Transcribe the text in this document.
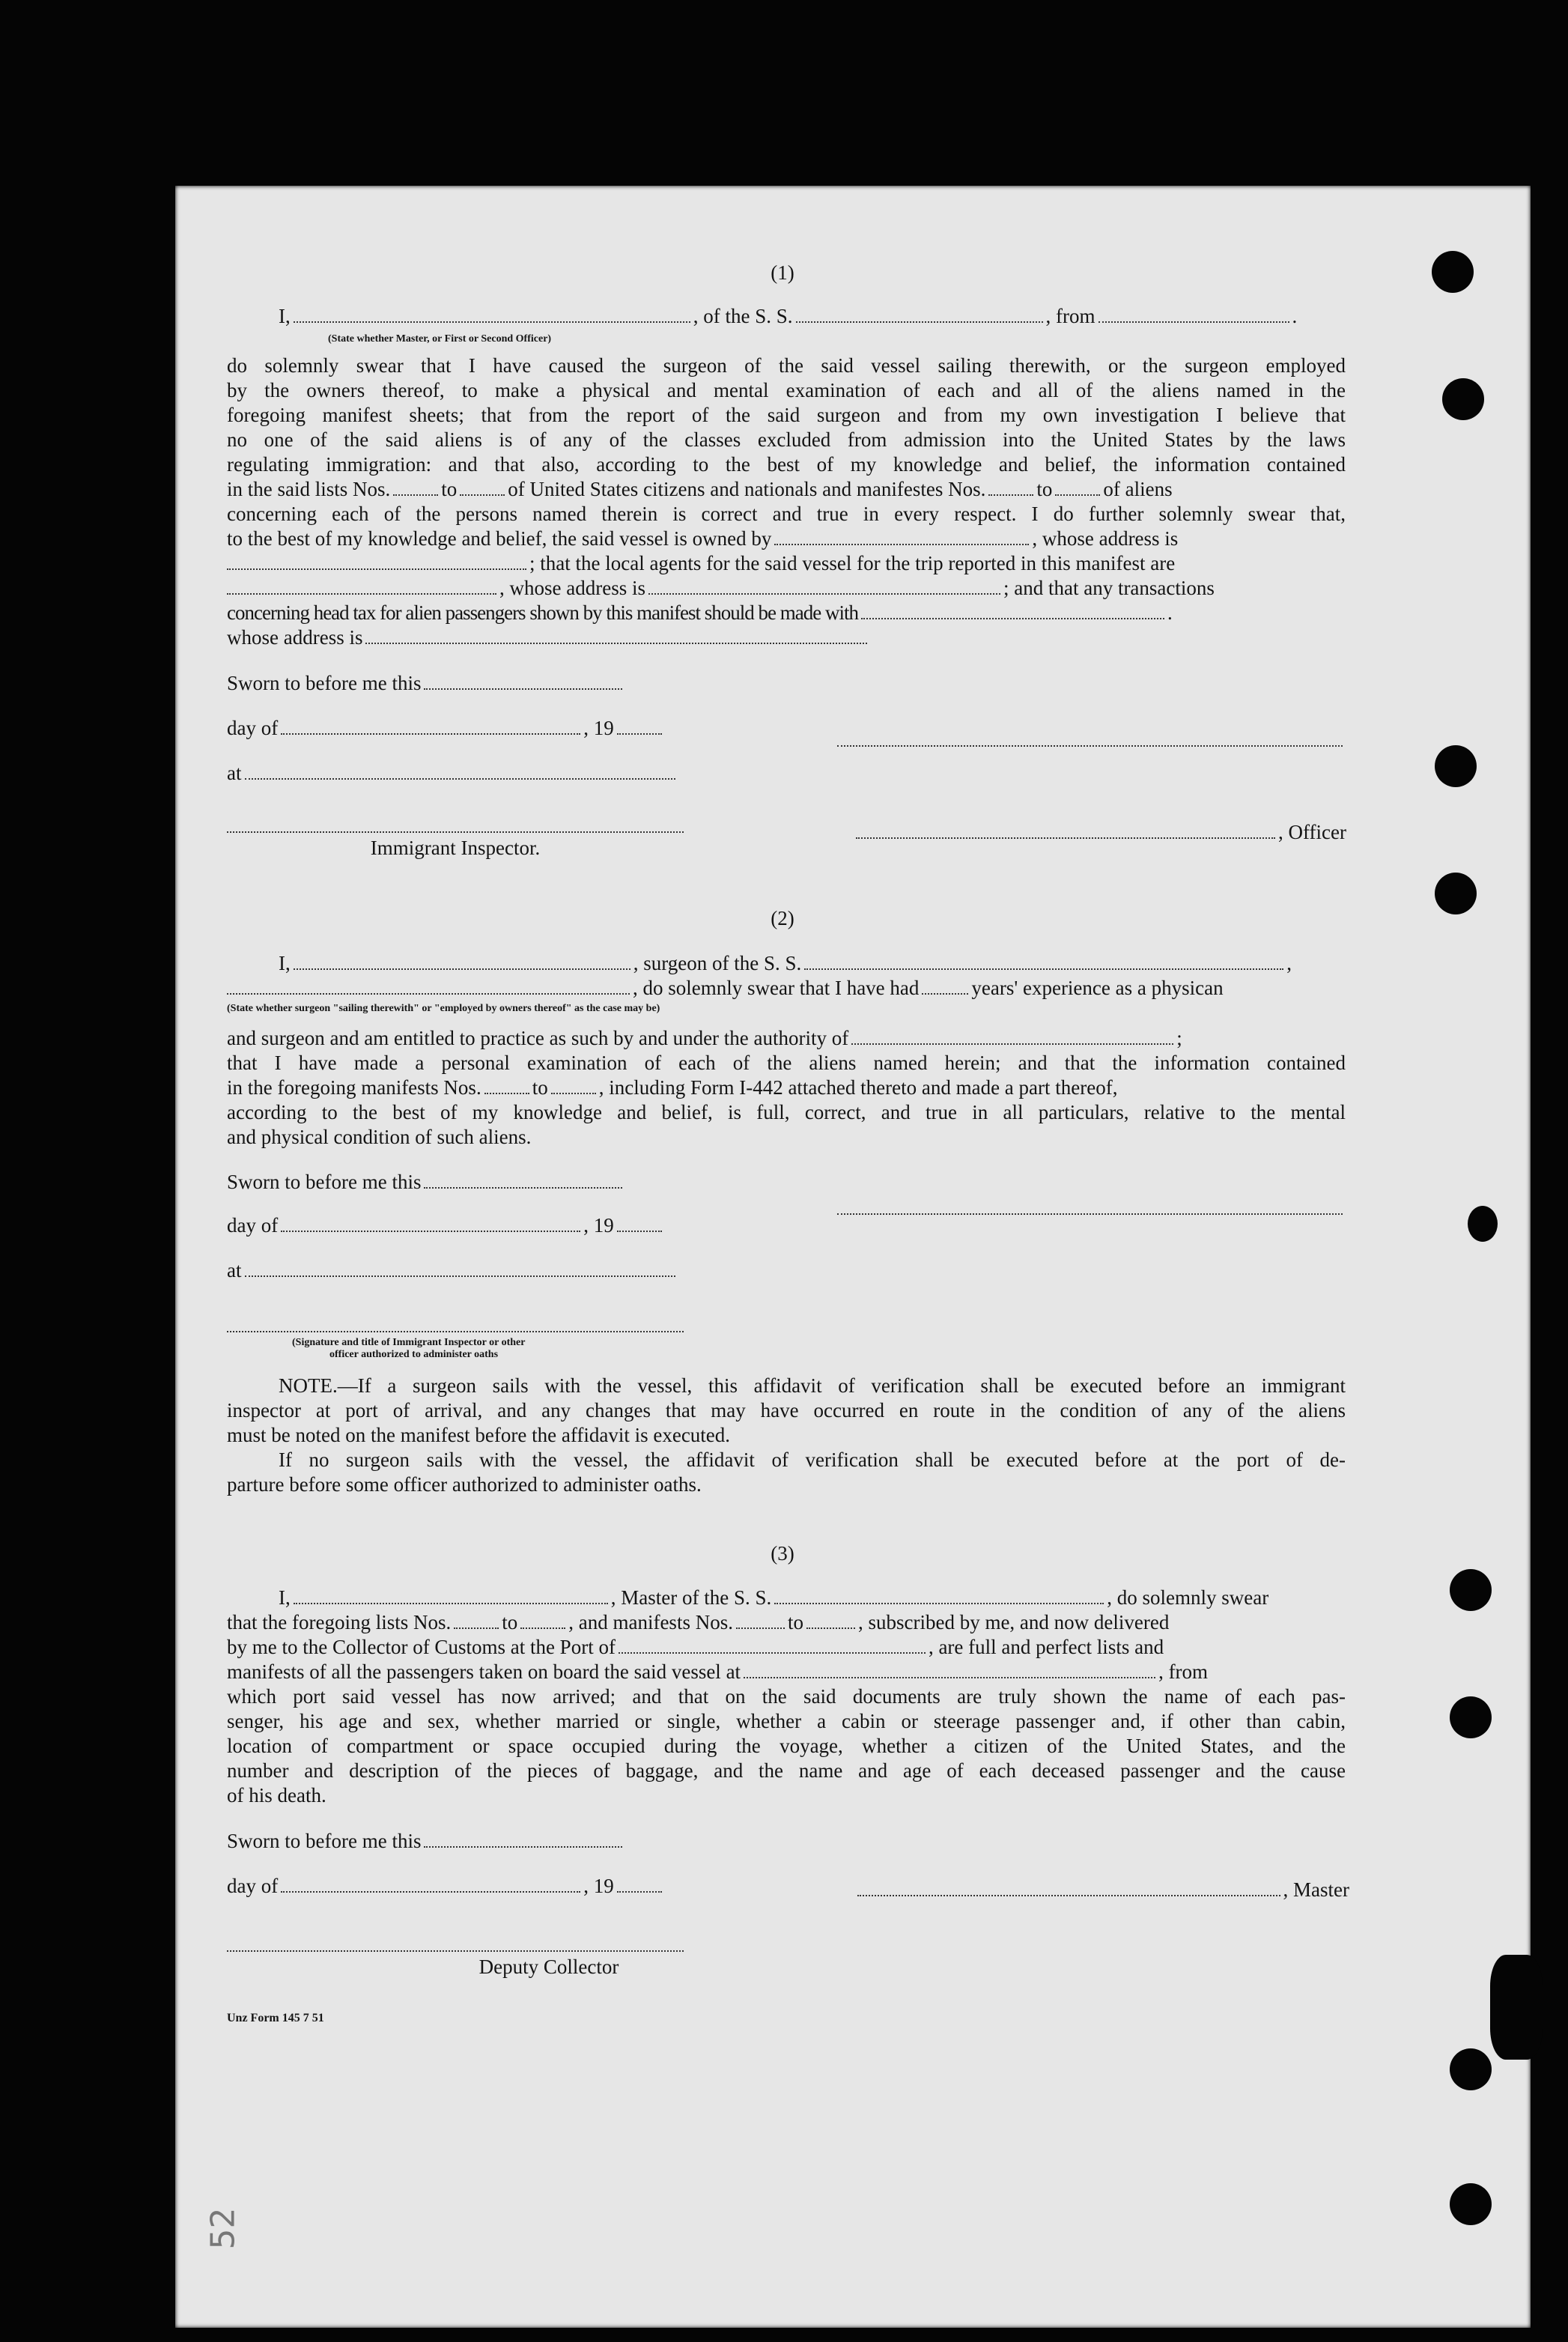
(1)
I,	, of the S. S.	, from	.
(State whether Master, or First or Second Officer)
do solemnly swear that I have caused the surgeon of the said vessel sailing therewith, or the surgeon employed
by the owners thereof, to make a physical and mental examination of each and all of the aliens named in the
foregoing manifest sheets; that from the report of the said surgeon and from my own investigation I believe that
no one of the said aliens is of any of the classes excluded from admission into the United States by the laws
regulating immigration: and that also, according to the best of my knowledge and belief, the information contained
in the said lists Nos.	to	of United States citizens and nationals and manifestes Nos.	to	of aliens
concerning each of the persons named therein is correct and true in every respect. I do further solemnly swear that,
to the best of my knowledge and belief, the said vessel is owned by	, whose address is
; that the local agents for the said vessel for the trip reported in this manifest are
, whose address is	; and that any transactions
concerning head tax for alien passengers shown by this manifest should be made with	.
whose address is
Sworn to before me this
day of	, 19
at
, Officer
Immigrant Inspector.
(2)
I,	, surgeon of the S. S.	,
, do solemnly swear that I have had	years' experience as a physican
(State whether surgeon "sailing therewith" or "employed by owners thereof" as the case may be)
and surgeon and am entitled to practice as such by and under the authority of	;
that I have made a personal examination of each of the aliens named herein; and that the information contained
in the foregoing manifests Nos.	to	, including Form I-442 attached thereto and made a part thereof,
according to the best of my knowledge and belief, is full, correct, and true in all particulars, relative to the mental
and physical condition of such aliens.
Sworn to before me this
day of	, 19
at
(Signature and title of Immigrant Inspector or other
officer authorized to administer oaths
NOTE.—If a surgeon sails with the vessel, this affidavit of verification shall be executed before an immigrant
inspector at port of arrival, and any changes that may have occurred en route in the condition of any of the aliens
must be noted on the manifest before the affidavit is executed.
If no surgeon sails with the vessel, the affidavit of verification shall be executed before at the port of de-
parture before some officer authorized to administer oaths.
(3)
I,	, Master of the S. S.	, do solemnly swear
that the foregoing lists Nos.	to	, and manifests Nos.	to	, subscribed by me, and now delivered
by me to the Collector of Customs at the Port of	, are full and perfect lists and
manifests of all the passengers taken on board the said vessel at	, from
which port said vessel has now arrived; and that on the said documents are truly shown the name of each pas-
senger, his age and sex, whether married or single, whether a cabin or steerage passenger and, if other than cabin,
location of compartment or space occupied during the voyage, whether a citizen of the United States, and the
number and description of the pieces of baggage, and the name and age of each deceased passenger and the cause
of his death.
Sworn to before me this
day of	, 19	, Master
Deputy Collector
Unz Form 145 7 51
52
